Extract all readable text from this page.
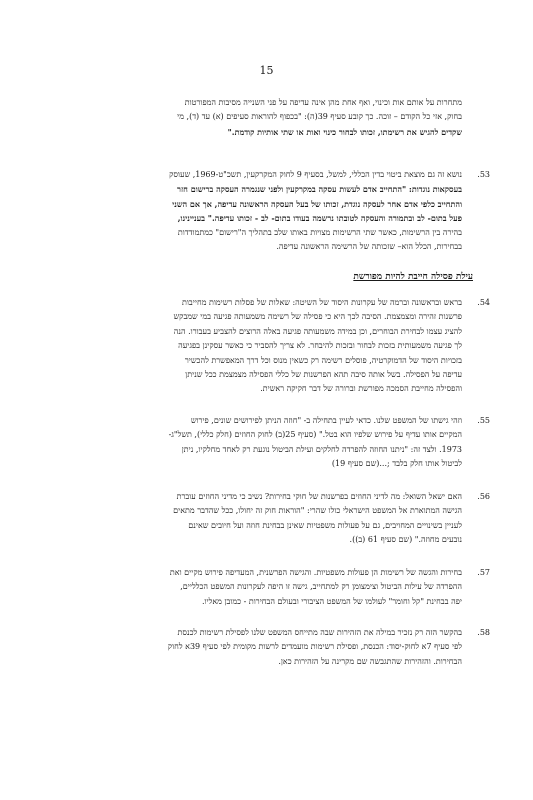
15
מתחרות על אותם אות וכינוי, ואף אחת מהן אינה עדיפה על פני השנייה מסיבות המפורטות
בחוק, אזי כל הקודם – זוכה. כך קובע סעיף 39(ה): "בכפוף להוראות סעיפים (א) עד (ד), מי
שקדים להגיש את רשימתו, זכותו לבחור כינוי ואות או שתי אותיות קודמת."
53.
נושא זה גם מוצאת ביטוי בדין הכללי, למשל, בסעיף 9 לחוק המקרקעין, תשכ"ט-1969, שעוסק
בעסקאות נוגדות: "התחייב אדם לעשות עסקה במקרקעין ולפני שנגמרה העסקה ברישום חזר
והתחייב כלפי אדם אחר לעסקה נוגדת, זכותו של בעל העסקה הראשונה עדיפה, אך אם השני
פעל בתום- לב ובתמורה והעסקה לטובתו נרשמה בעודו בתום- לב - זכותו עדיפה." בעניינינו,
בהירה בין הרשימות, כאשר שתי הרשימות מצויות באותו שלב בתהליך ה"רישום" כמתמודדות
בבחירות, הכלל הוא– שזכותה של הרשימה הראשונה עדיפה.
עילת פסילה חייבת להיות מפורשת
54.
בראש ובראשונה וברמה של עקרונות היסוד של השיטה: שאלות של פסלות רשימות מחייבות
פרשנות זהירה ומצמצמת. הסיבה לכך היא כי פסילה של רשימה משמעותה פגיעה במי שמבקש
להציג עצמו לבחירת הבוחרים, וכן במידה משמעותה פגיעה באלה הרוצים להצביע בעבורו. הנה
לך פגיעה משמעותית בזכות לבחור ובזכות להיבחר. לא צריך להסביר כי כאשר עסקינן בפגיעה
בזכויות היסוד של הדמוקרטיה, פוסלים רשימה רק כשאין מנוס וכל דרך המאפשרת להכשיר
עדיפה על הפסילה. בשל אותה סיבה תהא הפרשנות של כללי הפסילה מצמצמת ככל שניתן
והפסילה מחייבת הסמכה מפורשת וברורה של דבר חקיקה ראשית.
55.
וזהי גישתו של המשפט שלנו. כדאי לעיין בתחילה ב- "חוזה הניתן לפירושים שונים, פירוש
המקיים אותו עדיף על פירוש שלפיו הוא בטל." (סעיף 25(ב) לחוק החוזים (חלק כללי), תשל"ג-
1973. ולצד זה: "ניתנו החוזה להפרדה לחלקים ועילת הביטול נוגעת רק לאחד מחלקיו, ניתן
לביטול אותו חלק בלבד ;...(שם סעיף 19)
56.
האם ישאל השואל: מה לדיני החוזים בפרשנות של חוקי בחירות? נשיב כי מדיני החוזים עוברת
הגישה המתוארת אל המשפט הישראלי כולו שהרי: "הוראות חוק זה יחולו, ככל שהדבר מתאים
לעניין בשינויים המחויבים, גם על פעולות משפטיות שאינן בבחינת חוזה ועל חיובים שאינם
נובעים מחוזה." (שם סעיף 61 (ב)).
57.
בחירות והגשה של רשימות הן פעולות משפטיות. והגישה הפרשנית, המעדיפה פירוש מקיים ואת
ההפרדה של עילות הביטול וצימצומן רק למתחייב, גישה זו היפה לעקרונות המשפט הכלליים,
יפה בבחינת "קל וחומר" לעולמו של המשפט הציבורי ובעולם הבחירות - כמובן מאליו.
58.
בהקשר הזה רק נזכיר במילה את הזהירות שבה מתייחס המשפט שלנו לפסילת רשימות לכנסת
לפי סעיף 7א לחוק-יסוד: הכנסת, ופסילת רשימות מועמדים לרשות מקומית לפי סעיף 39א לחוק
הבחירות. והזהירות שהתגבשה שם מקרינה על הזהירות כאן.
